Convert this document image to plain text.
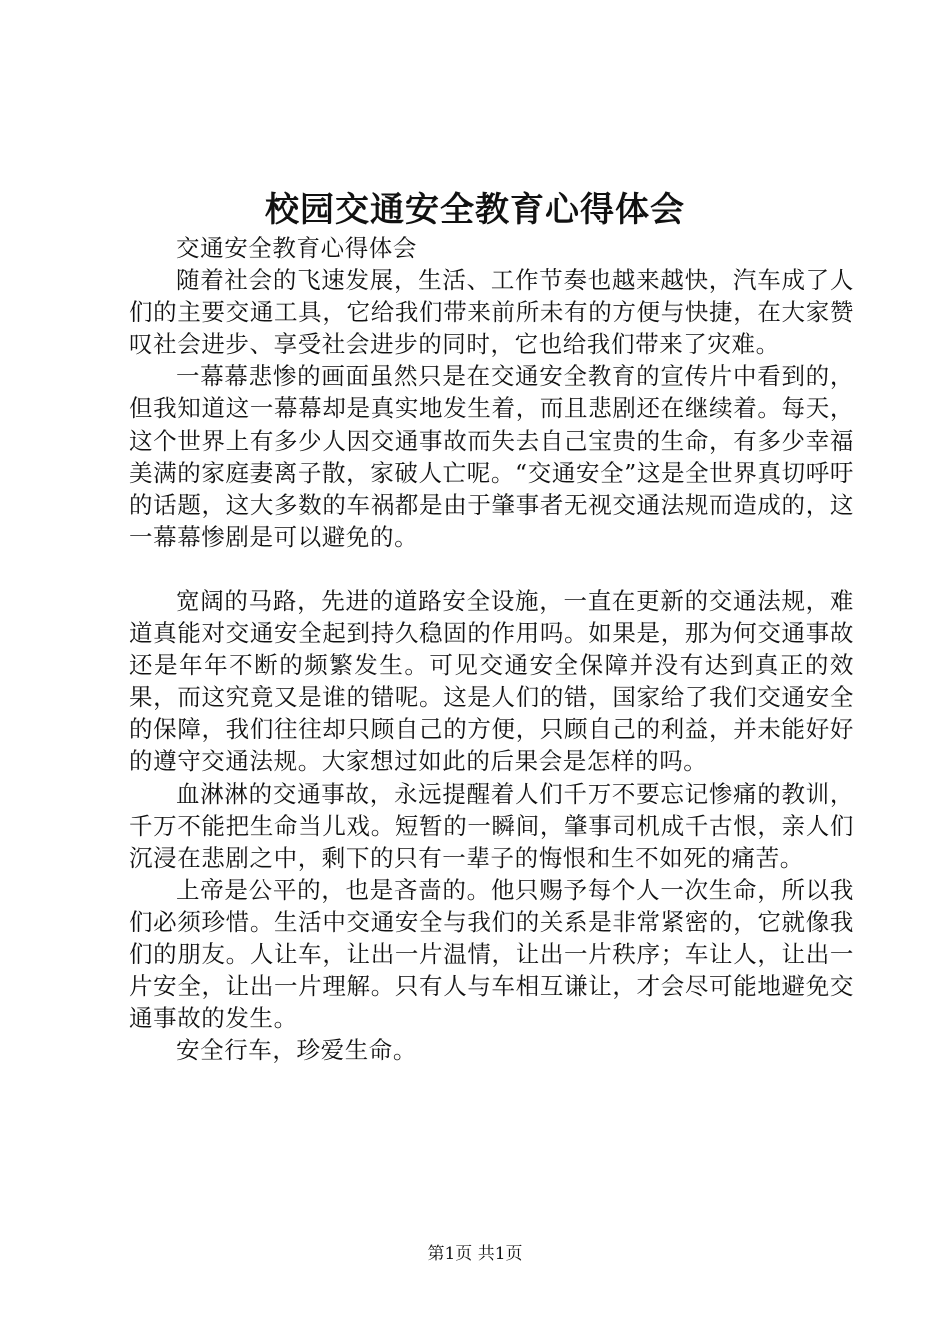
校园交通安全教育心得体会

交通安全教育心得体会

随着社会的飞速发展，生活、工作节奏也越来越快，汽车成了人们的主要交通工具，它给我们带来前所未有的方便与快捷，在大家赞叹社会进步、享受社会进步的同时，它也给我们带来了灾难。

一幕幕悲惨的画面虽然只是在交通安全教育的宣传片中看到的，但我知道这一幕幕却是真实地发生着，而且悲剧还在继续着。每天，这个世界上有多少人因交通事故而失去自己宝贵的生命，有多少幸福美满的家庭妻离子散，家破人亡呢。“交通安全”这是全世界真切呼吁的话题，这大多数的车祸都是由于肇事者无视交通法规而造成的，这一幕幕惨剧是可以避免的。

宽阔的马路，先进的道路安全设施，一直在更新的交通法规，难道真能对交通安全起到持久稳固的作用吗。如果是，那为何交通事故还是年年不断的频繁发生。可见交通安全保障并没有达到真正的效果，而这究竟又是谁的错呢。这是人们的错，国家给了我们交通安全的保障，我们往往却只顾自己的方便，只顾自己的利益，并未能好好的遵守交通法规。大家想过如此的后果会是怎样的吗。

血淋淋的交通事故，永远提醒着人们千万不要忘记惨痛的教训，千万不能把生命当儿戏。短暂的一瞬间，肇事司机成千古恨，亲人们沉浸在悲剧之中，剩下的只有一辈子的悔恨和生不如死的痛苦。

上帝是公平的，也是吝啬的。他只赐予每个人一次生命，所以我们必须珍惜。生活中交通安全与我们的关系是非常紧密的，它就像我们的朋友。人让车，让出一片温情，让出一片秩序；车让人，让出一片安全，让出一片理解。只有人与车相互谦让，才会尽可能地避免交通事故的发生。

安全行车，珍爱生命。

第1页 共1页
